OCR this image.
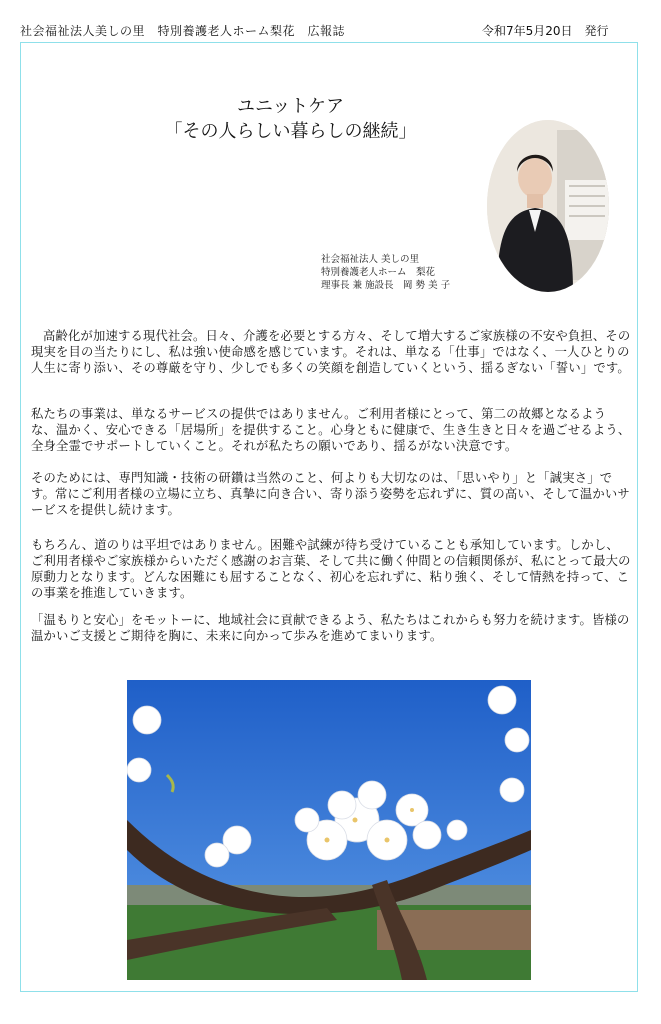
社会福祉法人美しの里　特別養護老人ホーム梨花　広報誌	令和7年5月20日　発行
ユニットケア
「その人らしい暮らしの継続」
社会福祉法人 美しの里
特別養護老人ホーム　梨花
理事長 兼 施設長　岡 勢 美 子

高齢化が加速する現代社会。日々、介護を必要とする方々、そして増大するご家族様の不安や負担、その現実を目の当たりにし、私は強い使命感を感じています。それは、単なる「仕事」ではなく、一人ひとりの人生に寄り添い、その尊厳を守り、少しでも多くの笑顔を創造していくという、揺るぎない「誓い」です。

私たちの事業は、単なるサービスの提供ではありません。ご利用者様にとって、第二の故郷となるような、温かく、安心できる「居場所」を提供すること。心身ともに健康で、生き生きと日々を過ごせるよう、全身全霊でサポートしていくこと。それが私たちの願いであり、揺るがない決意です。

そのためには、専門知識・技術の研鑽は当然のこと、何よりも大切なのは、「思いやり」と「誠実さ」です。常にご利用者様の立場に立ち、真摯に向き合い、寄り添う姿勢を忘れずに、質の高い、そして温かいサービスを提供し続けます。

もちろん、道のりは平坦ではありません。困難や試練が待ち受けていることも承知しています。しかし、ご利用者様やご家族様からいただく感謝のお言葉、そして共に働く仲間との信頼関係が、私にとって最大の原動力となります。どんな困難にも屈することなく、初心を忘れずに、粘り強く、そして情熱を持って、この事業を推進していきます。

「温もりと安心」をモットーに、地域社会に貢献できるよう、私たちはこれからも努力を続けます。皆様の温かいご支援とご期待を胸に、未来に向かって歩みを進めてまいります。
